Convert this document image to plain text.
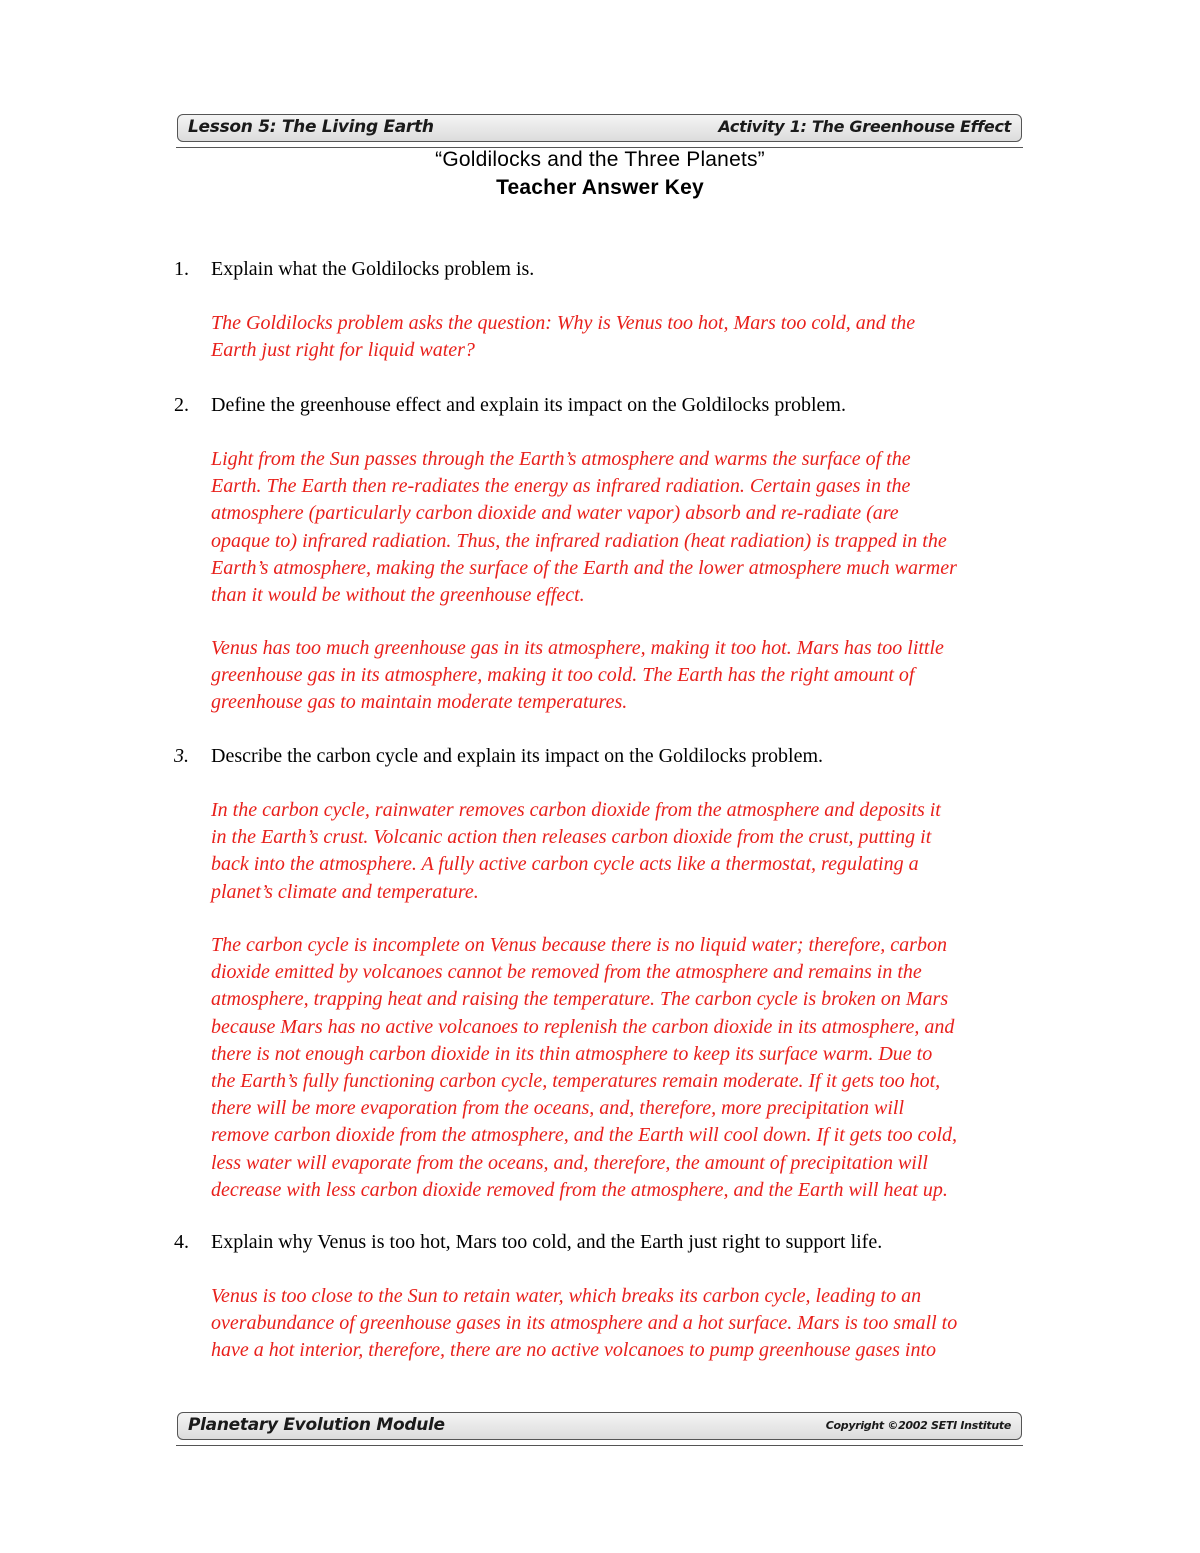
Lesson 5: The Living Earth	Activity 1: The Greenhouse Effect
“Goldilocks and the Three Planets”
Teacher Answer Key
1. Explain what the Goldilocks problem is.
The Goldilocks problem asks the question: Why is Venus too hot, Mars too cold, and the
Earth just right for liquid water?
2. Define the greenhouse effect and explain its impact on the Goldilocks problem.
Light from the Sun passes through the Earth’s atmosphere and warms the surface of the
Earth. The Earth then re-radiates the energy as infrared radiation. Certain gases in the
atmosphere (particularly carbon dioxide and water vapor) absorb and re-radiate (are
opaque to) infrared radiation. Thus, the infrared radiation (heat radiation) is trapped in the
Earth’s atmosphere, making the surface of the Earth and the lower atmosphere much warmer
than it would be without the greenhouse effect.
Venus has too much greenhouse gas in its atmosphere, making it too hot. Mars has too little
greenhouse gas in its atmosphere, making it too cold. The Earth has the right amount of
greenhouse gas to maintain moderate temperatures.
3. Describe the carbon cycle and explain its impact on the Goldilocks problem.
In the carbon cycle, rainwater removes carbon dioxide from the atmosphere and deposits it
in the Earth’s crust. Volcanic action then releases carbon dioxide from the crust, putting it
back into the atmosphere. A fully active carbon cycle acts like a thermostat, regulating a
planet’s climate and temperature.
The carbon cycle is incomplete on Venus because there is no liquid water; therefore, carbon
dioxide emitted by volcanoes cannot be removed from the atmosphere and remains in the
atmosphere, trapping heat and raising the temperature. The carbon cycle is broken on Mars
because Mars has no active volcanoes to replenish the carbon dioxide in its atmosphere, and
there is not enough carbon dioxide in its thin atmosphere to keep its surface warm. Due to
the Earth’s fully functioning carbon cycle, temperatures remain moderate. If it gets too hot,
there will be more evaporation from the oceans, and, therefore, more precipitation will
remove carbon dioxide from the atmosphere, and the Earth will cool down. If it gets too cold,
less water will evaporate from the oceans, and, therefore, the amount of precipitation will
decrease with less carbon dioxide removed from the atmosphere, and the Earth will heat up.
4. Explain why Venus is too hot, Mars too cold, and the Earth just right to support life.
Venus is too close to the Sun to retain water, which breaks its carbon cycle, leading to an
overabundance of greenhouse gases in its atmosphere and a hot surface. Mars is too small to
have a hot interior, therefore, there are no active volcanoes to pump greenhouse gases into
Planetary Evolution Module	Copyright ©2002 SETI Institute
